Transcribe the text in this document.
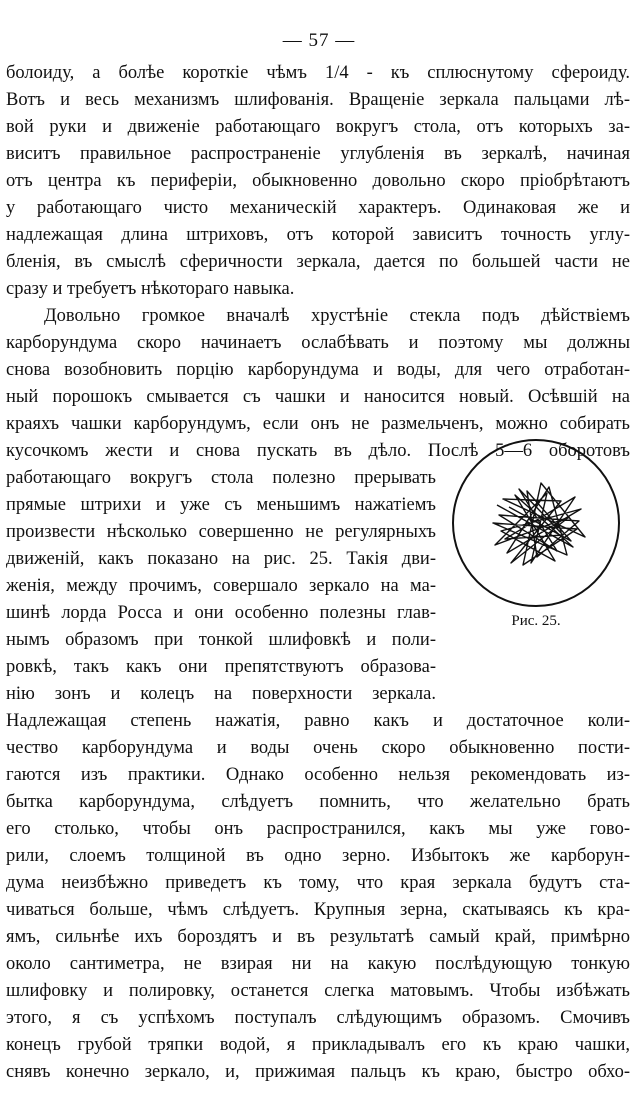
— 57 —
болоиду, а болѣе короткіе чѣмъ 1/4 - къ сплюснутому сфероиду.
Вотъ и весь механизмъ шлифованія. Вращеніе зеркала пальцами лѣ-
вой руки и движеніе работающаго вокругъ стола, отъ которыхъ за-
виситъ правильное распространеніе углубленія въ зеркалѣ, начиная
отъ центра къ периферіи, обыкновенно довольно скоро пріобрѣтаютъ
у работающаго чисто механическій характеръ. Одинаковая же и
надлежащая длина штриховъ, отъ которой зависитъ точность углу-
бленія, въ смыслѣ сферичности зеркала, дается по большей части не
сразу и требуетъ нѣкотораго навыка.
Довольно громкое вначалѣ хрустѣніе стекла подъ дѣйствіемъ
карборундума скоро начинаетъ ослабѣвать и поэтому мы должны
снова возобновить порцію карборундума и воды, для чего отработан-
ный порошокъ смывается съ чашки и наносится новый. Осѣвшій на
краяхъ чашки карборундумъ, если онъ не размельченъ, можно собирать
кусочкомъ жести и снова пускать въ дѣло. Послѣ 5—6 оборотовъ
работающаго вокругъ стола полезно прерывать
прямые штрихи и уже съ меньшимъ нажатіемъ
произвести нѣсколько совершенно не регулярныхъ
движеній, какъ показано на рис. 25. Такія дви-
женія, между прочимъ, совершало зеркало на ма-
шинѣ лорда Росса и они особенно полезны глав-
нымъ образомъ при тонкой шлифовкѣ и поли-
ровкѣ, такъ какъ они препятствуютъ образова-
нію зонъ и колецъ на поверхности зеркала.
Надлежащая степень нажатія, равно какъ и достаточное коли-
чество карборундума и воды очень скоро обыкновенно пости-
гаются изъ практики. Однако особенно нельзя рекомендовать из-
бытка карборундума, слѣдуетъ помнить, что желательно брать
его столько, чтобы онъ распространился, какъ мы уже гово-
рили, слоемъ толщиной въ одно зерно. Избытокъ же карборун-
дума неизбѣжно приведетъ къ тому, что края зеркала будутъ ста-
чиваться больше, чѣмъ слѣдуетъ. Крупныя зерна, скатываясь къ кра-
ямъ, сильнѣе ихъ бороздятъ и въ результатѣ самый край, примѣрно
около сантиметра, не взирая ни на какую послѣдующую тонкую
шлифовку и полировку, останется слегка матовымъ. Чтобы избѣжать
этого, я съ успѣхомъ поступалъ слѣдующимъ образомъ. Смочивъ
конецъ грубой тряпки водой, я прикладывалъ его къ краю чашки,
снявъ конечно зеркало, и, прижимая пальцъ къ краю, быстро обхо-
Рис. 25.
